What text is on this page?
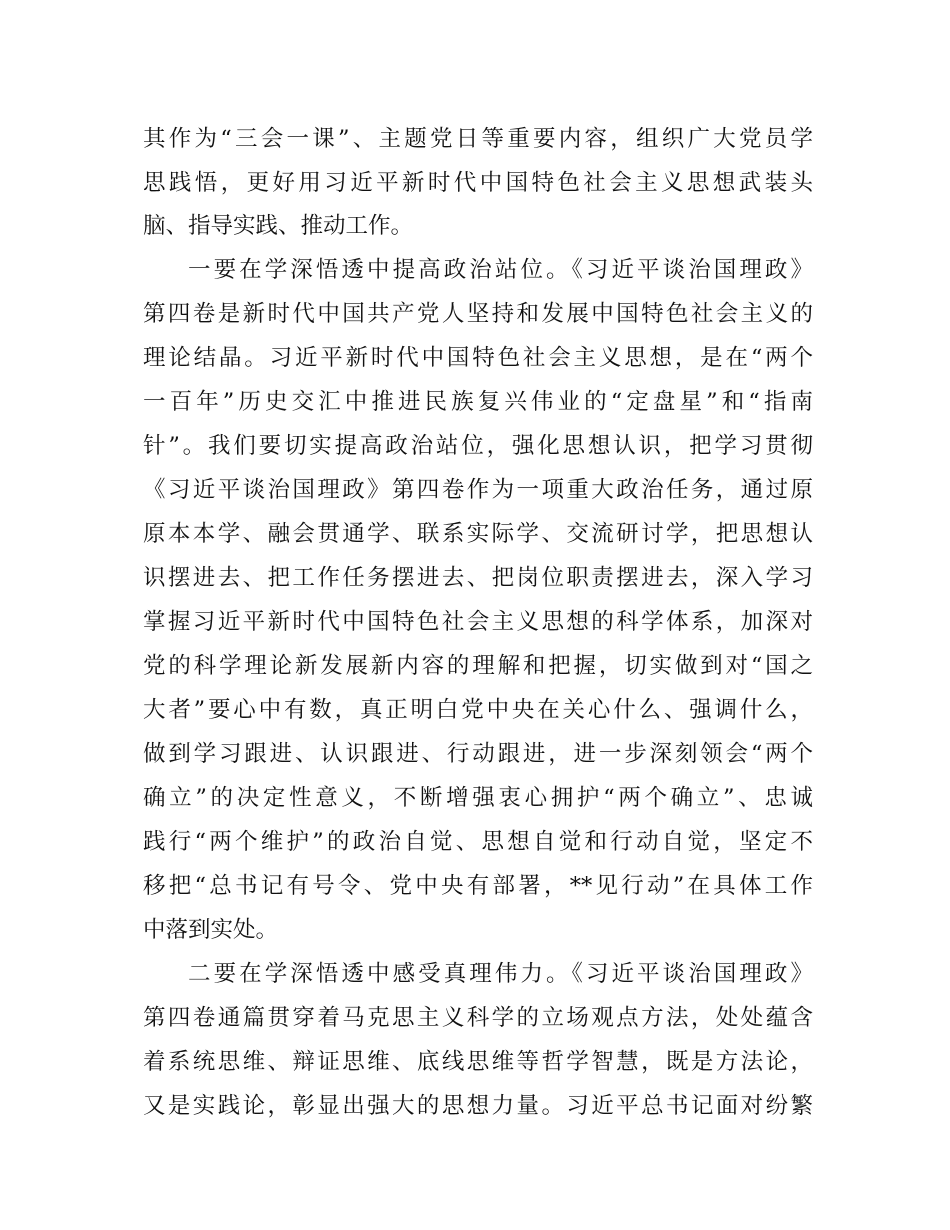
其作为“三会一课”、主题党日等重要内容，组织广大党员学
思践悟，更好用习近平新时代中国特色社会主义思想武装头
脑、指导实践、推动工作。
一要在学深悟透中提高政治站位。《习近平谈治国理政》
第四卷是新时代中国共产党人坚持和发展中国特色社会主义的
理论结晶。习近平新时代中国特色社会主义思想，是在“两个
一百年”历史交汇中推进民族复兴伟业的“定盘星”和“指南
针”。我们要切实提高政治站位，强化思想认识，把学习贯彻
《习近平谈治国理政》第四卷作为一项重大政治任务，通过原
原本本学、融会贯通学、联系实际学、交流研讨学，把思想认
识摆进去、把工作任务摆进去、把岗位职责摆进去，深入学习
掌握习近平新时代中国特色社会主义思想的科学体系，加深对
党的科学理论新发展新内容的理解和把握，切实做到对“国之
大者”要心中有数，真正明白党中央在关心什么、强调什么，
做到学习跟进、认识跟进、行动跟进，进一步深刻领会“两个
确立”的决定性意义，不断增强衷心拥护“两个确立”、忠诚
践行“两个维护”的政治自觉、思想自觉和行动自觉，坚定不
移把“总书记有号令、党中央有部署，**见行动”在具体工作
中落到实处。
二要在学深悟透中感受真理伟力。《习近平谈治国理政》
第四卷通篇贯穿着马克思主义科学的立场观点方法，处处蕴含
着系统思维、辩证思维、底线思维等哲学智慧，既是方法论，
又是实践论，彰显出强大的思想力量。习近平总书记面对纷繁
